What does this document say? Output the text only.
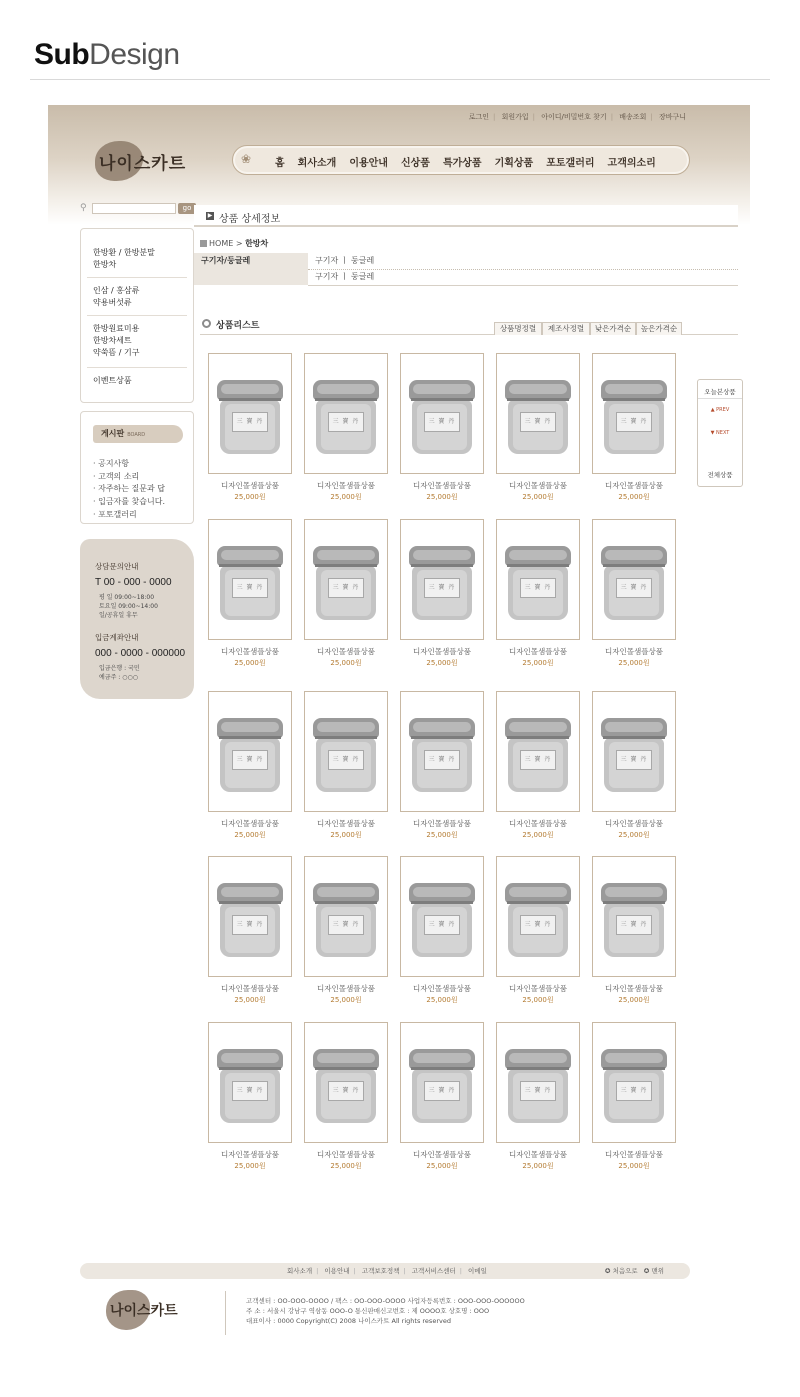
SubDesign
로그인 | 회원가입 | 아이디/비밀번호 찾기 | 배송조회 | 장바구니
나이스카트	❀ 홈 회사소개 이용안내 신상품 특가상품 기획상품 포토갤러리 고객의소리
⚲	go
한방환 / 한방분말
한방차
인삼 / 홍삼류
약용버섯류
한방원료미용
한방차세트
약쑥뜸 / 기구
이벤트상품
게시판 BOARD
· 공지사항
· 고객의 소리
· 자주하는 질문과 답
· 입금자를 찾습니다.
· 포토갤러리
상담문의안내
T 00 - 000 - 0000
평 일 09:00~18:00
토요일 09:00~14:00
일/공휴일 휴무
입금계좌안내
000 - 0000 - 000000
입금은행 : 국민
예금주 : ○○○
▶ 상품 상세정보
HOME > 한방차
구기자/둥글레	구기자 ㅣ 둥글레
구기자 ㅣ 둥글레
상품리스트	상품명정렬	제조사정렬	낮은가격순	높은가격순
三 寶 丹
디자인몰샘플상품
25,000원
三 寶 丹
디자인몰샘플상품
25,000원
三 寶 丹
디자인몰샘플상품
25,000원
三 寶 丹
디자인몰샘플상품
25,000원
三 寶 丹
디자인몰샘플상품
25,000원
三 寶 丹
디자인몰샘플상품
25,000원
三 寶 丹
디자인몰샘플상품
25,000원
三 寶 丹
디자인몰샘플상품
25,000원
三 寶 丹
디자인몰샘플상품
25,000원
三 寶 丹
디자인몰샘플상품
25,000원
三 寶 丹
디자인몰샘플상품
25,000원
三 寶 丹
디자인몰샘플상품
25,000원
三 寶 丹
디자인몰샘플상품
25,000원
三 寶 丹
디자인몰샘플상품
25,000원
三 寶 丹
디자인몰샘플상품
25,000원
三 寶 丹
디자인몰샘플상품
25,000원
三 寶 丹
디자인몰샘플상품
25,000원
三 寶 丹
디자인몰샘플상품
25,000원
三 寶 丹
디자인몰샘플상품
25,000원
三 寶 丹
디자인몰샘플상품
25,000원
三 寶 丹
디자인몰샘플상품
25,000원
三 寶 丹
디자인몰샘플상품
25,000원
三 寶 丹
디자인몰샘플상품
25,000원
三 寶 丹
디자인몰샘플상품
25,000원
三 寶 丹
디자인몰샘플상품
25,000원
오늘본상품
▲ PREV
▼ NEXT
전체상품
회사소개 | 이용안내 | 고객보호정책 | 고객서비스센터 | 이메일	✪ 처음으로 ✪ 맨위
나이스카트
고객센터 : OO-OOO-OOOO / 팩스 : OO-OOO-OOOO 사업자등록번호 : OOO-OOO-OOOOOO
주 소 : 서울시 강남구 역삼동 OOO-O 통신판매신고번호 : 제 OOOO호 상호명 : OOO
대표이사 : 0000 Copyright(C) 2008 나이스카트 All rights reserved
